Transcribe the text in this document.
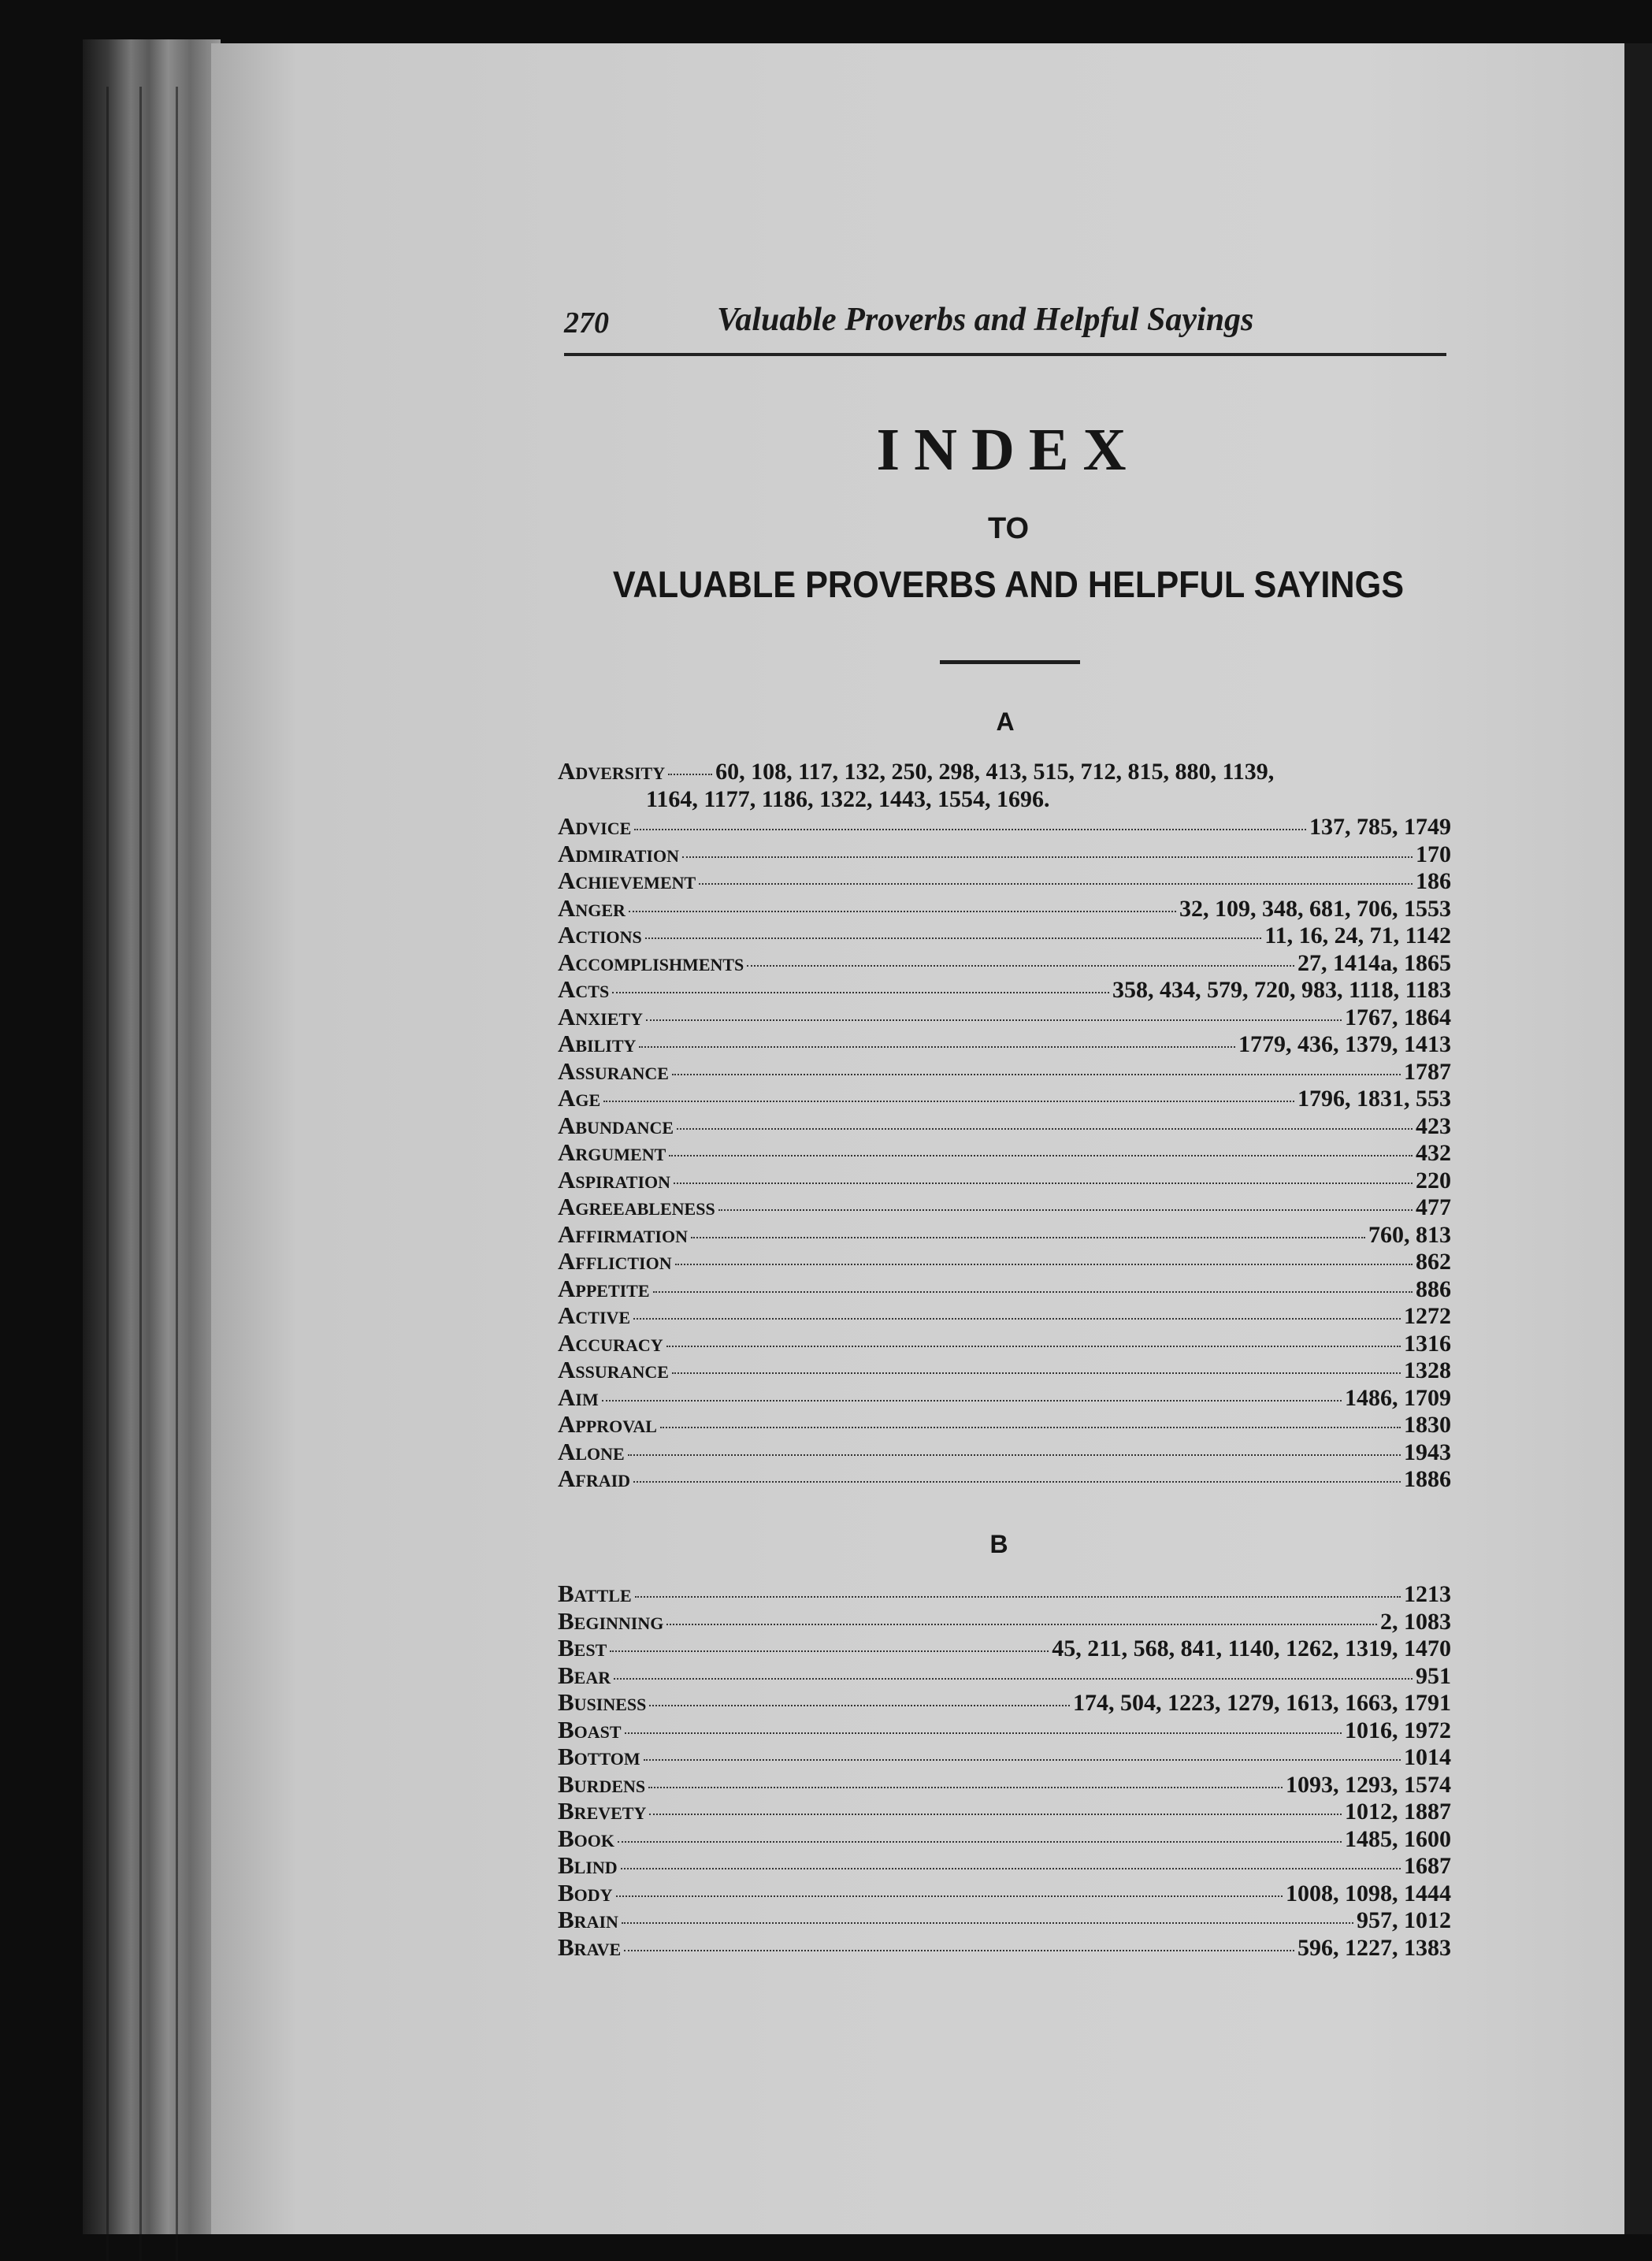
270	Valuable Proverbs and Helpful Sayings
INDEX
TO
VALUABLE PROVERBS AND HELPFUL SAYINGS
A
Adversity 60, 108, 117, 132, 250, 298, 413, 515, 712, 815, 880, 1139,
1164, 1177, 1186, 1322, 1443, 1554, 1696.
Advice	137, 785, 1749
Admiration	170
Achievement	186
Anger	32, 109, 348, 681, 706, 1553
Actions	11, 16, 24, 71, 1142
Accomplishments	27, 1414a, 1865
Acts	358, 434, 579, 720, 983, 1118, 1183
Anxiety	1767, 1864
Ability	1779, 436, 1379, 1413
Assurance	1787
Age	1796, 1831, 553
Abundance	423
Argument	432
Aspiration	220
Agreeableness	477
Affirmation	760, 813
Affliction	862
Appetite	886
Active	1272
Accuracy	1316
Assurance	1328
Aim	1486, 1709
Approval	1830
Alone	1943
Afraid	1886
B
Battle	1213
Beginning	2, 1083
Best	45, 211, 568, 841, 1140, 1262, 1319, 1470
Bear	951
Business	174, 504, 1223, 1279, 1613, 1663, 1791
Boast	1016, 1972
Bottom	1014
Burdens	1093, 1293, 1574
Brevety	1012, 1887
Book	1485, 1600
Blind	1687
Body	1008, 1098, 1444
Brain	957, 1012
Brave	596, 1227, 1383
